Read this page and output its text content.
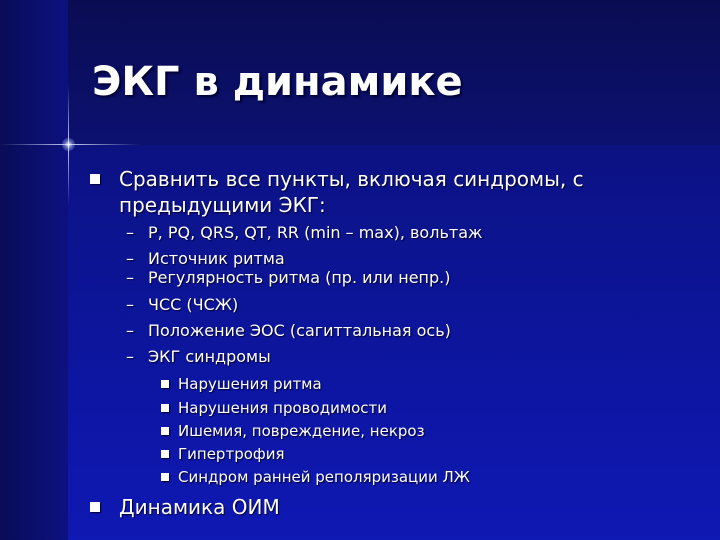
ЭКГ в динамике
Сравнить все пункты, включая синдромы, с
предыдущими ЭКГ:
– P, PQ, QRS, QT, RR (min – max), вольтаж
– Источник ритма
– Регулярность ритма (пр. или непр.)
– ЧСС (ЧСЖ)
– Положение ЭОС (сагиттальная ось)
– ЭКГ синдромы
Нарушения ритма
Нарушения проводимости
Ишемия, повреждение, некроз
Гипертрофия
Синдром ранней реполяризации ЛЖ
Динамика ОИМ
